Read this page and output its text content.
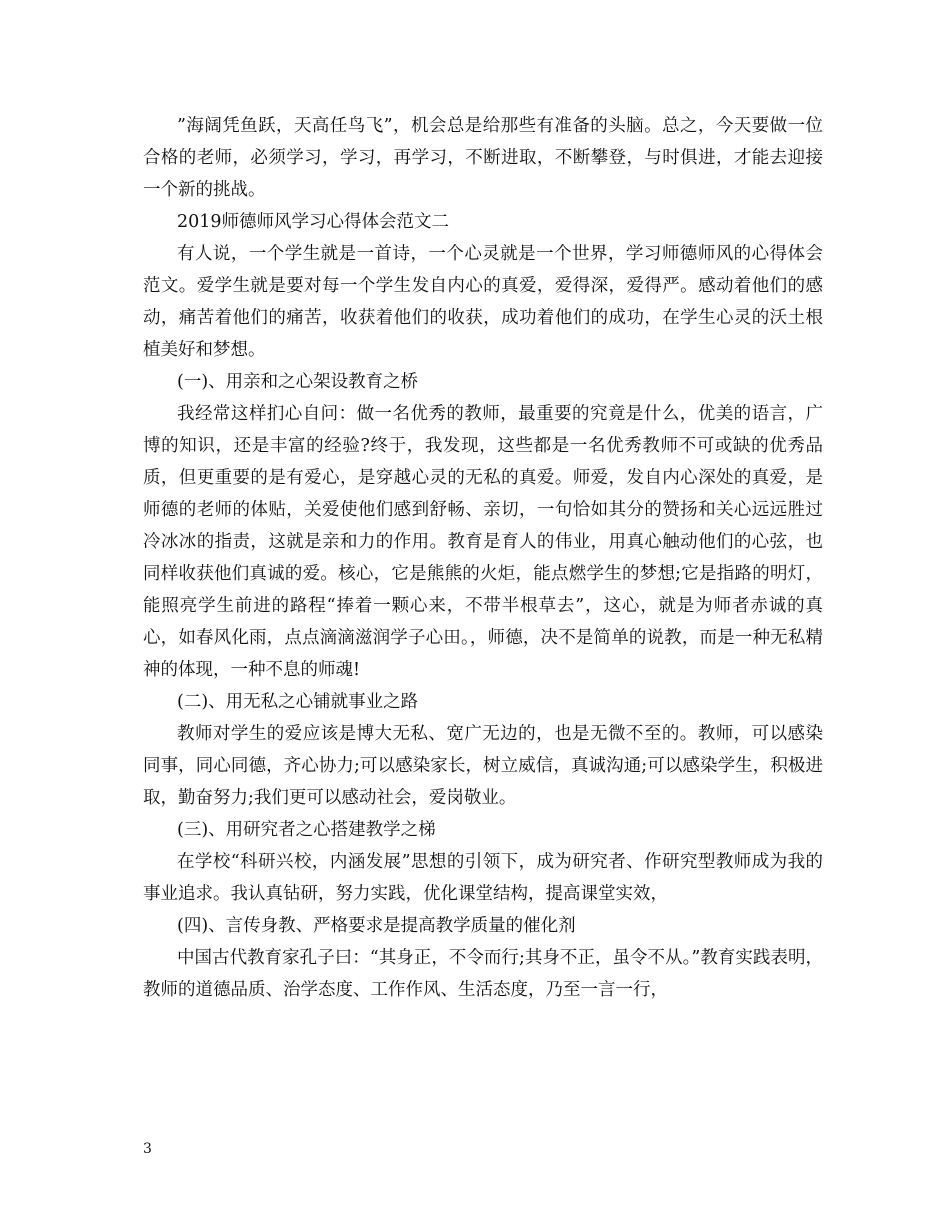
”海阔凭鱼跃，天高任鸟飞”，机会总是给那些有准备的头脑。总之，今天要做一位合格的老师，必须学习，学习，再学习，不断进取，不断攀登，与时俱进，才能去迎接一个新的挑战。

2019师德师风学习心得体会范文二

有人说，一个学生就是一首诗，一个心灵就是一个世界，学习师德师风的心得体会范文。爱学生就是要对每一个学生发自内心的真爱，爱得深，爱得严。感动着他们的感动，痛苦着他们的痛苦，收获着他们的收获，成功着他们的成功，在学生心灵的沃土根植美好和梦想。

(一)、用亲和之心架设教育之桥

我经常这样扪心自问：做一名优秀的教师，最重要的究竟是什么，优美的语言，广博的知识，还是丰富的经验?终于，我发现，这些都是一名优秀教师不可或缺的优秀品质，但更重要的是有爱心，是穿越心灵的无私的真爱。师爱，发自内心深处的真爱，是师德的老师的体贴，关爱使他们感到舒畅、亲切，一句恰如其分的赞扬和关心远远胜过冷冰冰的指责，这就是亲和力的作用。教育是育人的伟业，用真心触动他们的心弦，也同样收获他们真诚的爱。核心，它是熊熊的火炬，能点燃学生的梦想;它是指路的明灯，能照亮学生前进的路程“捧着一颗心来，不带半根草去”，这心，就是为师者赤诚的真心，如春风化雨，点点滴滴滋润学子心田。，师德，决不是简单的说教，而是一种无私精神的体现，一种不息的师魂!

(二)、用无私之心铺就事业之路

教师对学生的爱应该是博大无私、宽广无边的，也是无微不至的。教师，可以感染同事，同心同德，齐心协力;可以感染家长，树立威信，真诚沟通;可以感染学生，积极进取，勤奋努力;我们更可以感动社会，爱岗敬业。

(三)、用研究者之心搭建教学之梯

在学校“科研兴校，内涵发展”思想的引领下，成为研究者、作研究型教师成为我的事业追求。我认真钻研，努力实践，优化课堂结构，提高课堂实效，

(四)、言传身教、严格要求是提高教学质量的催化剂

中国古代教育家孔子曰：“其身正，不令而行;其身不正，虽令不从。”教育实践表明，教师的道德品质、治学态度、工作作风、生活态度，乃至一言一行，

3
